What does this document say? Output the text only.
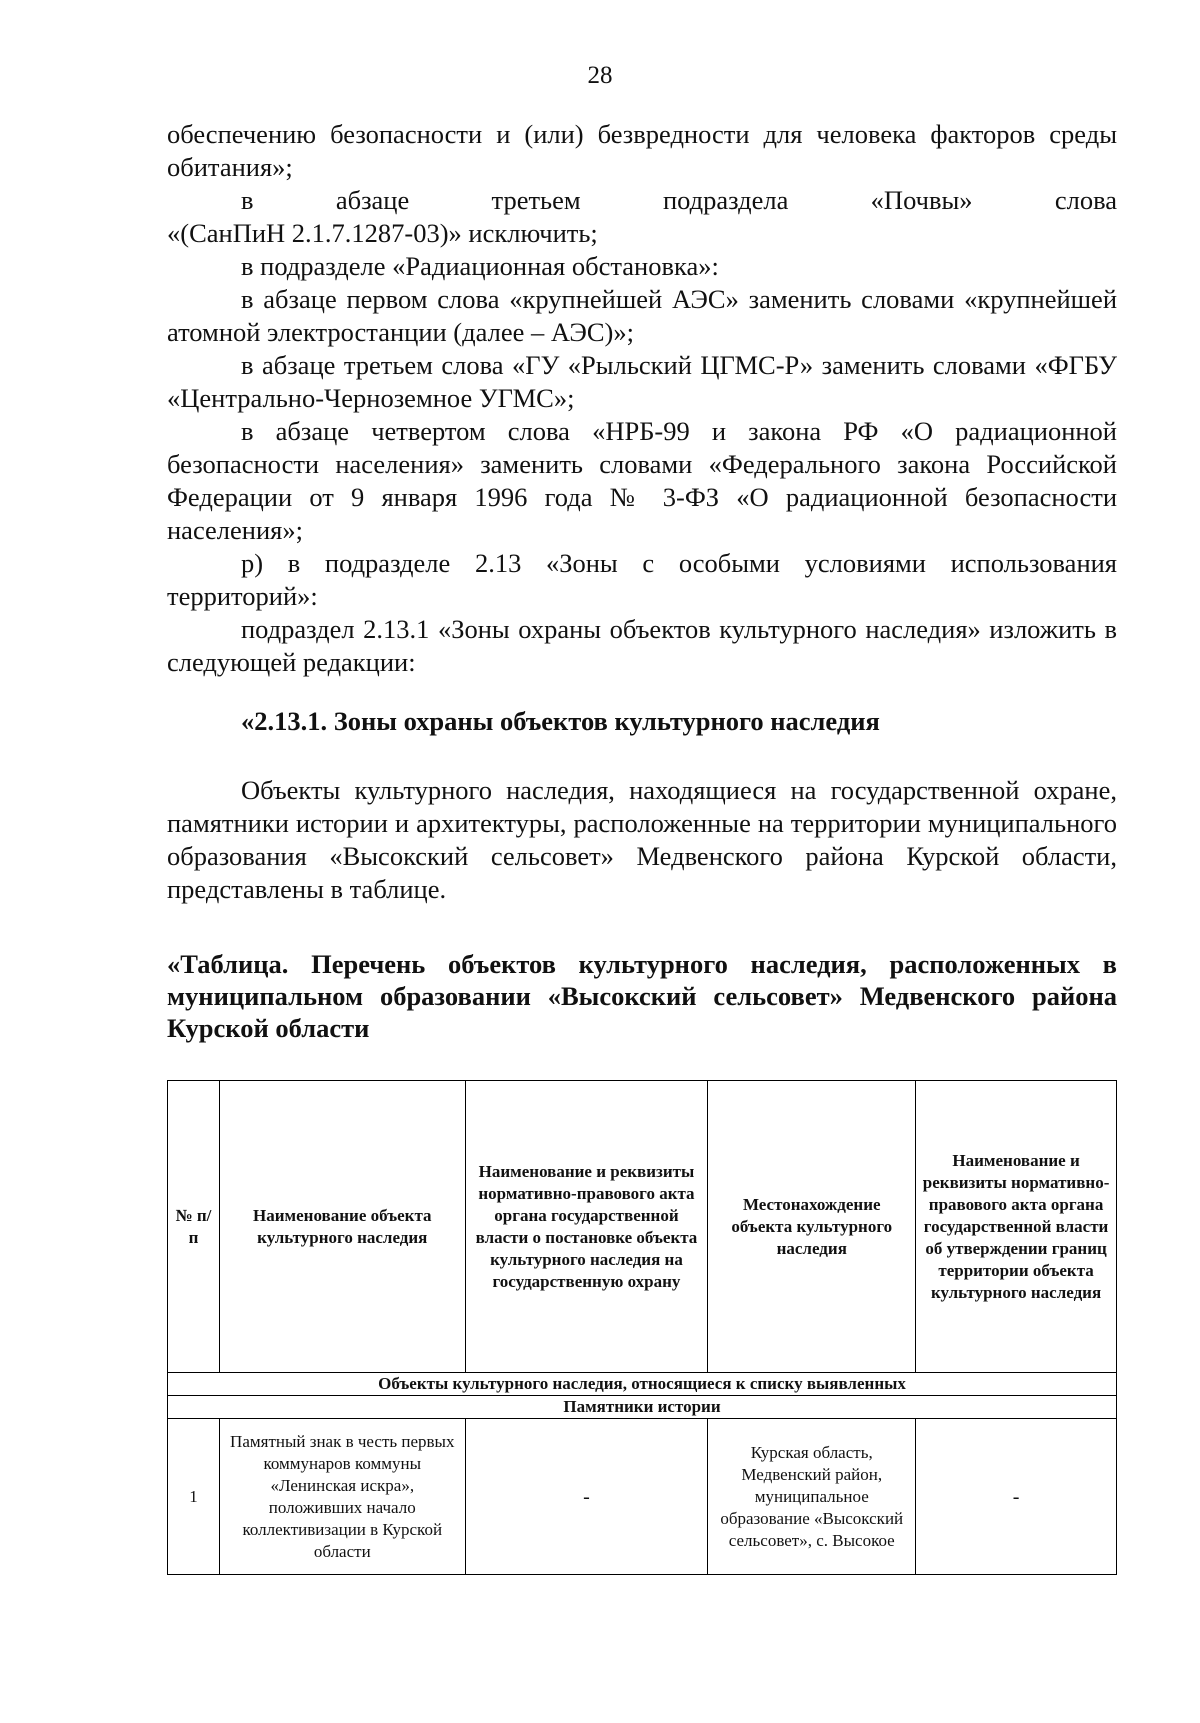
28

обеспечению безопасности и (или) безвредности для человека факторов среды обитания»;

в абзаце третьем подраздела «Почвы» слова

«(СанПиН 2.1.7.1287-03)» исключить;

в подразделе «Радиационная обстановка»:

в абзаце первом слова «крупнейшей АЭС» заменить словами «крупнейшей атомной электростанции (далее – АЭС)»;

в абзаце третьем слова «ГУ «Рыльский ЦГМС-Р» заменить словами «ФГБУ «Центрально-Черноземное УГМС»;

в абзаце четвертом слова «НРБ-99 и закона РФ «О радиационной безопасности населения» заменить словами «Федерального закона Российской Федерации от 9 января 1996 года № 3-ФЗ «О радиационной безопасности населения»;

р) в подразделе 2.13 «Зоны с особыми условиями использования территорий»:

подраздел 2.13.1 «Зоны охраны объектов культурного наследия» изложить в следующей редакции:

«2.13.1. Зоны охраны объектов культурного наследия

Объекты культурного наследия, находящиеся на государственной охране, памятники истории и архитектуры, расположенные на территории муниципального образования «Высокский сельсовет» Медвенского района Курской области, представлены в таблице.

«Таблица. Перечень объектов культурного наследия, расположенных в муниципальном образовании «Высокский сельсовет» Медвенского района Курской области
№ п/п	Наименование объекта культурного наследия	Наименование и реквизиты нормативно-правового акта органа государственной власти о постановке объекта культурного наследия на государственную охрану	Местонахождение объекта культурного наследия	Наименование и реквизиты нормативно-правового акта органа государственной власти об утверждении границ территории объекта культурного наследия
Объекты культурного наследия, относящиеся к списку выявленных				
Памятники истории				
1	Памятный знак в честь первых коммунаров коммуны «Ленинская искра», положивших начало коллективизации в Курской области	-	Курская область, Медвенский район, муниципальное образование «Высокский сельсовет», с. Высокое	-
